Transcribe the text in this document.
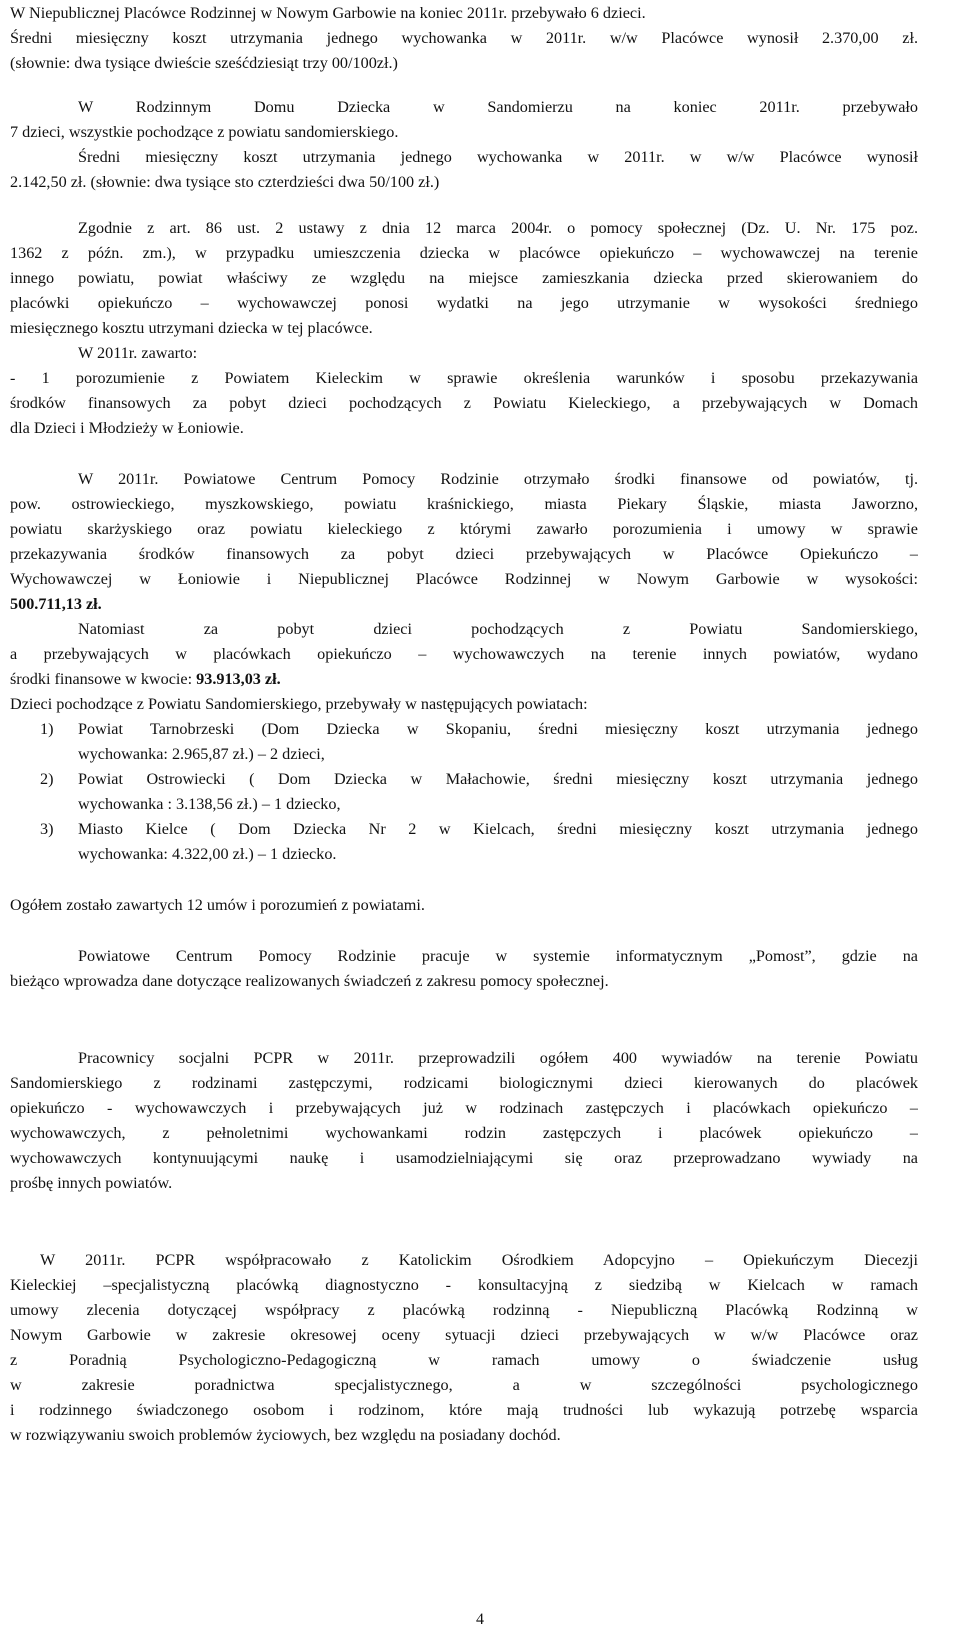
W Niepublicznej Placówce Rodzinnej w Nowym Garbowie na koniec 2011r. przebywało 6 dzieci.
Średni miesięczny koszt utrzymania jednego wychowanka w 2011r. w/w Placówce wynosił 2.370,00 zł.
(słownie: dwa tysiące dwieście sześćdziesiąt trzy 00/100zł.)
W Rodzinnym Domu Dziecka w Sandomierzu na koniec 2011r. przebywało
7 dzieci, wszystkie pochodzące z powiatu sandomierskiego.
Średni miesięczny koszt utrzymania jednego wychowanka w 2011r. w w/w Placówce wynosił
2.142,50 zł. (słownie: dwa tysiące sto czterdzieści dwa 50/100 zł.)
Zgodnie z art. 86 ust. 2 ustawy z dnia 12 marca 2004r. o pomocy społecznej (Dz. U. Nr. 175 poz.
1362 z późn. zm.), w przypadku umieszczenia dziecka w placówce opiekuńczo – wychowawczej na terenie
innego powiatu, powiat właściwy ze względu na miejsce zamieszkania dziecka przed skierowaniem do
placówki opiekuńczo – wychowawczej ponosi wydatki na jego utrzymanie w wysokości średniego
miesięcznego kosztu utrzymani dziecka w tej placówce.
W 2011r. zawarto:
- 1 porozumienie z Powiatem Kieleckim w sprawie określenia warunków i sposobu przekazywania
środków finansowych za pobyt dzieci pochodzących z Powiatu Kieleckiego, a przebywających w Domach
dla Dzieci i Młodzieży w Łoniowie.
W 2011r. Powiatowe Centrum Pomocy Rodzinie otrzymało środki finansowe od powiatów, tj.
pow. ostrowieckiego, myszkowskiego, powiatu kraśnickiego, miasta Piekary Śląskie, miasta Jaworzno,
powiatu skarżyskiego oraz powiatu kieleckiego z którymi zawarło porozumienia i umowy w sprawie
przekazywania środków finansowych za pobyt dzieci przebywających w Placówce Opiekuńczo –
Wychowawczej w Łoniowie i Niepublicznej Placówce Rodzinnej w Nowym Garbowie w wysokości:
500.711,13 zł.
Natomiast za pobyt dzieci pochodzących z Powiatu Sandomierskiego,
a przebywających w placówkach opiekuńczo – wychowawczych na terenie innych powiatów, wydano
środki finansowe w kwocie: 93.913,03 zł.
Dzieci pochodzące z Powiatu Sandomierskiego, przebywały w następujących powiatach:
1) Powiat Tarnobrzeski (Dom Dziecka w Skopaniu, średni miesięczny koszt utrzymania jednego
wychowanka: 2.965,87 zł.) – 2 dzieci,
2) Powiat Ostrowiecki ( Dom Dziecka w Małachowie, średni miesięczny koszt utrzymania jednego
wychowanka : 3.138,56 zł.) – 1 dziecko,
3) Miasto Kielce ( Dom Dziecka Nr 2 w Kielcach, średni miesięczny koszt utrzymania jednego
wychowanka: 4.322,00 zł.) – 1 dziecko.
Ogółem zostało zawartych 12 umów i porozumień z powiatami.
Powiatowe Centrum Pomocy Rodzinie pracuje w systemie informatycznym „Pomost”, gdzie na
bieżąco wprowadza dane dotyczące realizowanych świadczeń z zakresu pomocy społecznej.
Pracownicy socjalni PCPR w 2011r. przeprowadzili ogółem 400 wywiadów na terenie Powiatu
Sandomierskiego z rodzinami zastępczymi, rodzicami biologicznymi dzieci kierowanych do placówek
opiekuńczo - wychowawczych i przebywających już w rodzinach zastępczych i placówkach opiekuńczo –
wychowawczych, z pełnoletnimi wychowankami rodzin zastępczych i placówek opiekuńczo –
wychowawczych kontynuującymi naukę i usamodzielniającymi się oraz przeprowadzano wywiady na
prośbę innych powiatów.
W 2011r. PCPR współpracowało z Katolickim Ośrodkiem Adopcyjno – Opiekuńczym Diecezji
Kieleckiej –specjalistyczną placówką diagnostyczno - konsultacyjną z siedzibą w Kielcach w ramach
umowy zlecenia dotyczącej współpracy z placówką rodzinną - Niepubliczną Placówką Rodzinną w
Nowym Garbowie w zakresie okresowej oceny sytuacji dzieci przebywających w w/w Placówce oraz
z Poradnią Psychologiczno-Pedagogiczną w ramach umowy o świadczenie usług
w zakresie poradnictwa specjalistycznego, a w szczególności psychologicznego
i rodzinnego świadczonego osobom i rodzinom, które mają trudności lub wykazują potrzebę wsparcia
w rozwiązywaniu swoich problemów życiowych, bez względu na posiadany dochód.
4
